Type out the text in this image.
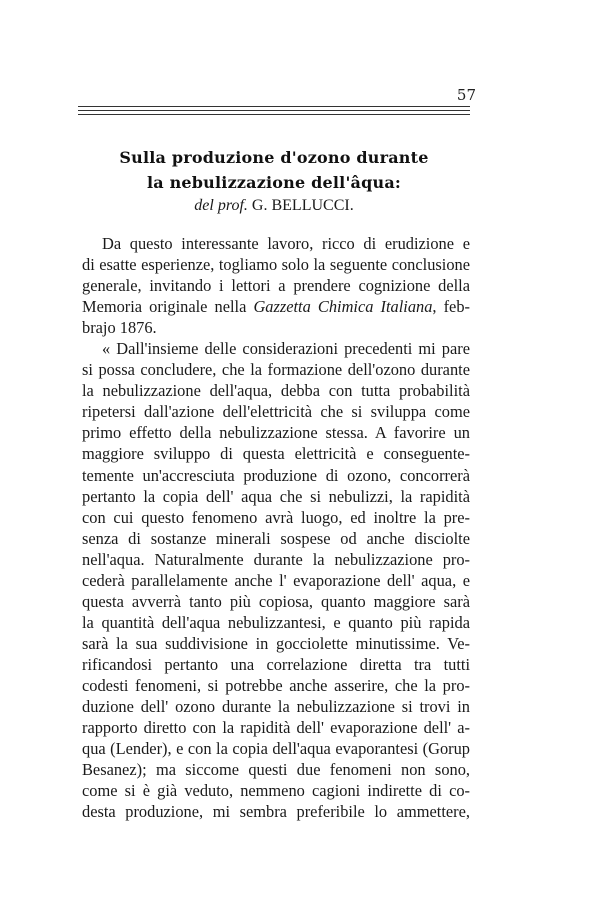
57
Sulla produzione d'ozono durante
la nebulizzazione dell'âqua:
del prof. G. BELLUCCI.
Da questo interessante lavoro, ricco di erudizione e
di esatte esperienze, togliamo solo la seguente conclusione
generale, invitando i lettori a prendere cognizione della
Memoria originale nella Gazzetta Chimica Italiana, feb-
brajo 1876.
« Dall'insieme delle considerazioni precedenti mi pare
si possa concludere, che la formazione dell'ozono durante
la nebulizzazione dell'aqua, debba con tutta probabilità
ripetersi dall'azione dell'elettricità che si sviluppa come
primo effetto della nebulizzazione stessa. A favorire un
maggiore sviluppo di questa elettricità e conseguente-
temente un'accresciuta produzione di ozono, concorrerà
pertanto la copia dell' aqua che si nebulizzi, la rapidità
con cui questo fenomeno avrà luogo, ed inoltre la pre-
senza di sostanze minerali sospese od anche disciolte
nell'aqua. Naturalmente durante la nebulizzazione pro-
cederà parallelamente anche l' evaporazione dell' aqua, e
questa avverrà tanto più copiosa, quanto maggiore sarà
la quantità dell'aqua nebulizzantesi, e quanto più rapida
sarà la sua suddivisione in gocciolette minutissime. Ve-
rificandosi pertanto una correlazione diretta tra tutti
codesti fenomeni, si potrebbe anche asserire, che la pro-
duzione dell' ozono durante la nebulizzazione si trovi in
rapporto diretto con la rapidità dell' evaporazione dell' a-
qua (Lender), e con la copia dell'aqua evaporantesi (Gorup
Besanez); ma siccome questi due fenomeni non sono,
come si è già veduto, nemmeno cagioni indirette di co-
desta produzione, mi sembra preferibile lo ammettere,
